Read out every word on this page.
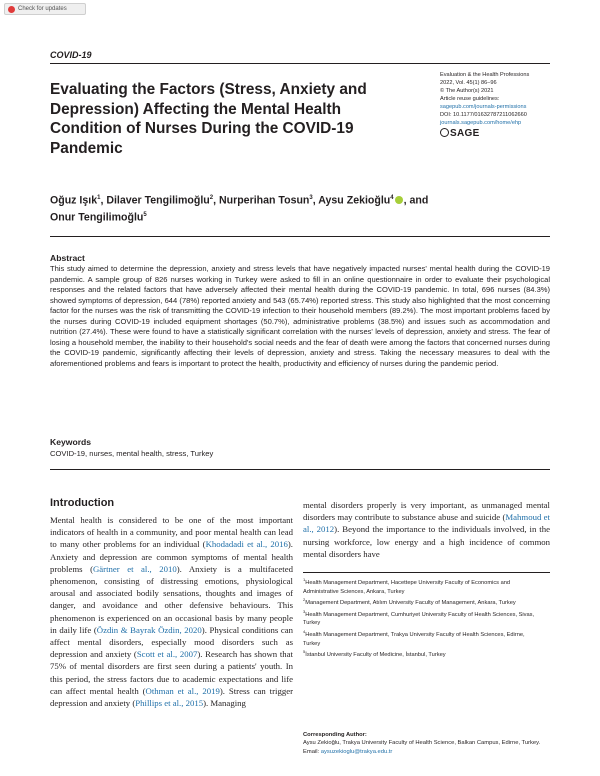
Check for updates
COVID-19
Evaluating the Factors (Stress, Anxiety and Depression) Affecting the Mental Health Condition of Nurses During the COVID-19 Pandemic
Evaluation & the Health Professions
2022, Vol. 45(1) 86–96
© The Author(s) 2021
Article reuse guidelines:
sagepub.com/journals-permissions
DOI: 10.1177/01632787211062660
journals.sagepub.com/home/ehp
SAGE
Oğuz Işık$^1$, Dilaver Tengilimoğlu$^2$, Nurperihan Tosun$^3$, Aysu Zekioğlu$^4$ , and
Onur Tengilimoğlu$^5$
Abstract

This study aimed to determine the depression, anxiety and stress levels that have negatively impacted nurses' mental health during the COVID-19 pandemic. A sample group of 826 nurses working in Turkey were asked to fill in an online questionnaire in order to evaluate their psychological responses and the related factors that have adversely affected their mental health during the COVID-19 pandemic. In total, 696 nurses (84.3%) showed symptoms of depression, 644 (78%) reported anxiety and 543 (65.74%) reported stress. This study also highlighted that the most concerning factor for the nurses was the risk of transmitting the COVID-19 infection to their household members (89.2%). The most important problems faced by the nurses during COVID-19 included equipment shortages (50.7%), administrative problems (38.5%) and issues such as accommodation and nutrition (27.4%). These were found to have a statistically significant correlation with the nurses' levels of depression, anxiety and stress. The fear of losing a household member, the inability to their household's social needs and the fear of death were among the factors that concerned nurses during the COVID-19 pandemic, significantly affecting their levels of depression, anxiety and stress. Taking the necessary measures to deal with the aforementioned problems and fears is important to protect the health, productivity and efficiency of nurses during the pandemic period.

Keywords
COVID-19, nurses, mental health, stress, Turkey
Introduction

Mental health is considered to be one of the most important indicators of health in a community, and poor mental health can lead to many other problems for an individual (Khodadadi et al., 2016). Anxiety and depression are common symptoms of mental health problems (Gärtner et al., 2010). Anxiety is a multifaceted phenomenon, consisting of distressing emotions, physiological arousal and associated bodily sensations, thoughts and images of danger, and avoidance and other defensive behaviours. This phenomenon is experienced on an occasional basis by many people in daily life (Özdin & Bayrak Özdin, 2020). Physical conditions can affect mental disorders, especially mood disorders such as depression and anxiety (Scott et al., 2007). Research has shown that 75% of mental disorders are first seen during a patients' youth. In this period, the stress factors due to academic expectations and life can affect mental health (Othman et al., 2019). Stress can trigger depression and anxiety (Phillips et al., 2015). Managing

mental disorders properly is very important, as unmanaged mental disorders may contribute to substance abuse and suicide (Mahmoud et al., 2012). Beyond the importance to the individuals involved, in the nursing workforce, low energy and a high incidence of common mental disorders have

$^1$Health Management Department, Hacettepe University Faculty of Economics and Administrative Sciences, Ankara, Turkey
$^2$Management Department, Atılım University Faculty of Management, Ankara, Turkey
$^3$Health Management Department, Cumhuriyet University Faculty of Health Sciences, Sivas, Turkey
$^4$Health Management Department, Trakya University Faculty of Health Sciences, Edirne, Turkey
$^5$İstanbul University Faculty of Medicine, İstanbul, Turkey
Corresponding Author:
Aysu Zekioğlu, Trakya University Faculty of Health Science, Balkan Campus, Edirne, Turkey.
Email: aysuzekioglu@trakya.edu.tr
